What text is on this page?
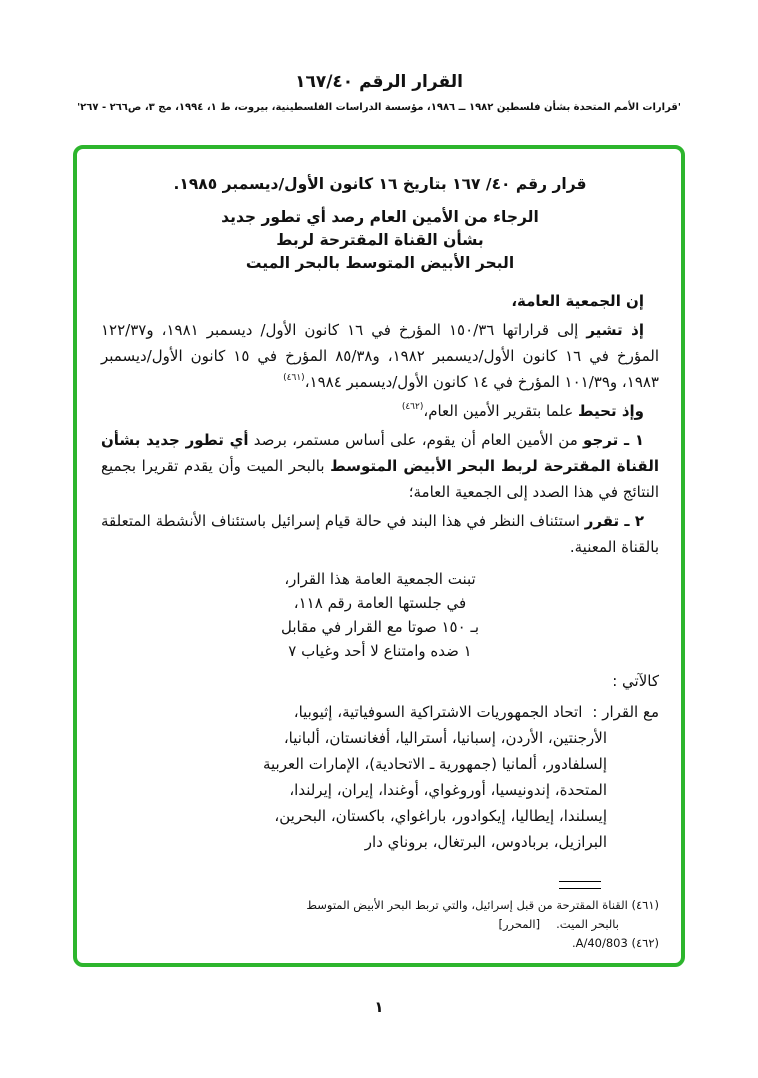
القرار الرقم ٤٠‏/١٦٧
'قرارات الأمم المتحدة بشأن فلسطين ١٩٨٢ ــ ١٩٨٦، مؤسسة الدراسات الفلسطينية، بيروت، ط ١، ١٩٩٤، مج ٣، ص٢٦٦ - ٢٦٧'
قرار رقم ٤٠‏/ ١٦٧ بتاريخ ١٦ كانون الأول/ديسمبر ١٩٨٥.
الرجاء من الأمين العام رصد أي تطور جديد
بشأن القناة المقترحة لربط
البحر الأبيض المتوسط بالبحر الميت

إن الجمعية العامة،

إذ تشير إلى قراراتها ٣٦‏/١٥٠ المؤرخ في ١٦ كانون الأول/ ديسمبر ١٩٨١، و٣٧‏/١٢٢ المؤرخ في ١٦ كانون الأول/ديسمبر ١٩٨٢، و٣٨‏/٨٥ المؤرخ في ١٥ كانون الأول/ديسمبر ١٩٨٣، و٣٩‏/١٠١ المؤرخ في ١٤ كانون الأول/ديسمبر ١٩٨٤،$^{(٤٦١)}$

وإذ تحيط علما بتقرير الأمين العام،$^{(٤٦٢)}$

١ ـ ترجو من الأمين العام أن يقوم، على أساس مستمر، برصد أي تطور جديد بشأن القناة المقترحة لربط البحر الأبيض المتوسط بالبحر الميت وأن يقدم تقريرا بجميع النتائج في هذا الصدد إلى الجمعية العامة؛

٢ ـ تقرر استئناف النظر في هذا البند في حالة قيام إسرائيل باستئناف الأنشطة المتعلقة بالقناة المعنية.

تبنت الجمعية العامة هذا القرار،
في جلستها العامة رقم ١١٨،
بـ ١٥٠ صوتا مع القرار في مقابل
١ ضده وامتناع لا أحد وغياب ٧

كالآتي :

مع القرار :اتحاد الجمهوريات الاشتراكية السوفياتية، إثيوبيا، الأرجنتين، الأردن، إسبانيا، أستراليا، أفغانستان، ألبانيا، إلسلفادور، ألمانيا (جمهورية ـ الاتحادية)، الإمارات العربية المتحدة، إندونيسيا، أوروغواي، أوغندا، إيران، إيرلندا، إيسلندا، إيطاليا، إيكوادور، باراغواي، باكستان، البحرين، البرازيل، بربادوس، البرتغال، بروناي دار

(٤٦١) القناة المقترحة من قبل إسرائيل، والتي تربط البحر الأبيض المتوسط
بالبحر الميت.[المحرر]
(٤٦٢) A/40/803.
١
